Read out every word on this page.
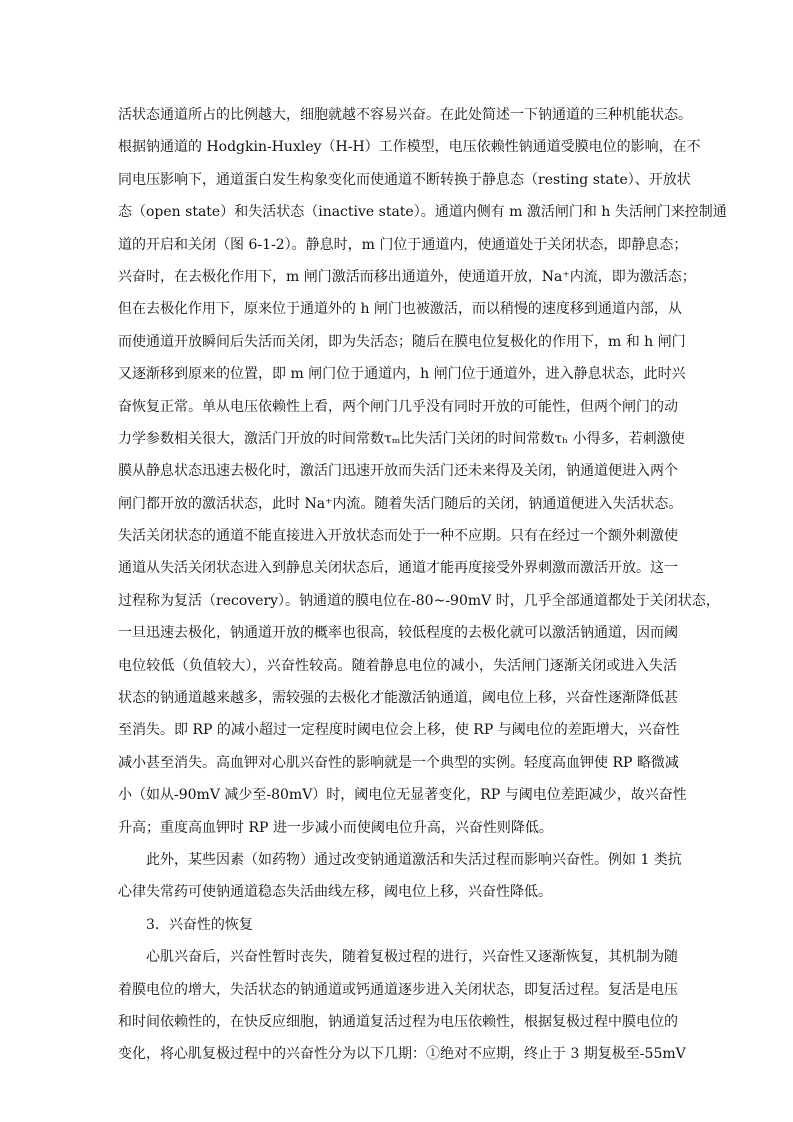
活状态通道所占的比例越大，细胞就越不容易兴奋。在此处简述一下钠通道的三种机能状态。
根据钠通道的 Hodgkin-Huxley（H-H）工作模型，电压依赖性钠通道受膜电位的影响，在不
同电压影响下，通道蛋白发生构象变化而使通道不断转换于静息态（resting state）、开放状
态（open state）和失活状态（inactive state）。通道内侧有 m 激活闸门和 h 失活闸门来控制通
道的开启和关闭（图 6-1-2）。静息时，m 门位于通道内，使通道处于关闭状态，即静息态；
兴奋时，在去极化作用下，m 闸门激活而移出通道外，使通道开放，Na⁺内流，即为激活态；
但在去极化作用下，原来位于通道外的 h 闸门也被激活，而以稍慢的速度移到通道内部，从
而使通道开放瞬间后失活而关闭，即为失活态；随后在膜电位复极化的作用下，m 和 h 闸门
又逐渐移到原来的位置，即 m 闸门位于通道内，h 闸门位于通道外，进入静息状态，此时兴
奋恢复正常。单从电压依赖性上看，两个闸门几乎没有同时开放的可能性，但两个闸门的动
力学参数相关很大，激活门开放的时间常数τₘ比失活门关闭的时间常数τₕ 小得多，若刺激使
膜从静息状态迅速去极化时，激活门迅速开放而失活门还未来得及关闭，钠通道便进入两个
闸门都开放的激活状态，此时 Na⁺内流。随着失活门随后的关闭，钠通道便进入失活状态。
失活关闭状态的通道不能直接进入开放状态而处于一种不应期。只有在经过一个额外刺激使
通道从失活关闭状态进入到静息关闭状态后，通道才能再度接受外界刺激而激活开放。这一
过程称为复活（recovery）。钠通道的膜电位在-80~-90mV 时，几乎全部通道都处于关闭状态，
一旦迅速去极化，钠通道开放的概率也很高，较低程度的去极化就可以激活钠通道，因而阈
电位较低（负值较大），兴奋性较高。随着静息电位的减小，失活闸门逐渐关闭或进入失活
状态的钠通道越来越多，需较强的去极化才能激活钠通道，阈电位上移，兴奋性逐渐降低甚
至消失。即 RP 的减小超过一定程度时阈电位会上移，使 RP 与阈电位的差距增大，兴奋性
减小甚至消失。高血钾对心肌兴奋性的影响就是一个典型的实例。轻度高血钾使 RP 略微减
小（如从-90mV 减少至-80mV）时，阈电位无显著变化，RP 与阈电位差距减少，故兴奋性
升高；重度高血钾时 RP 进一步减小而使阈电位升高，兴奋性则降低。
此外，某些因素（如药物）通过改变钠通道激活和失活过程而影响兴奋性。例如 1 类抗
心律失常药可使钠通道稳态失活曲线左移，阈电位上移，兴奋性降低。
3．兴奋性的恢复
心肌兴奋后，兴奋性暂时丧失，随着复极过程的进行，兴奋性又逐渐恢复，其机制为随
着膜电位的增大，失活状态的钠通道或钙通道逐步进入关闭状态，即复活过程。复活是电压
和时间依赖性的，在快反应细胞，钠通道复活过程为电压依赖性，根据复极过程中膜电位的
变化，将心肌复极过程中的兴奋性分为以下几期：①绝对不应期，终止于 3 期复极至-55mV
